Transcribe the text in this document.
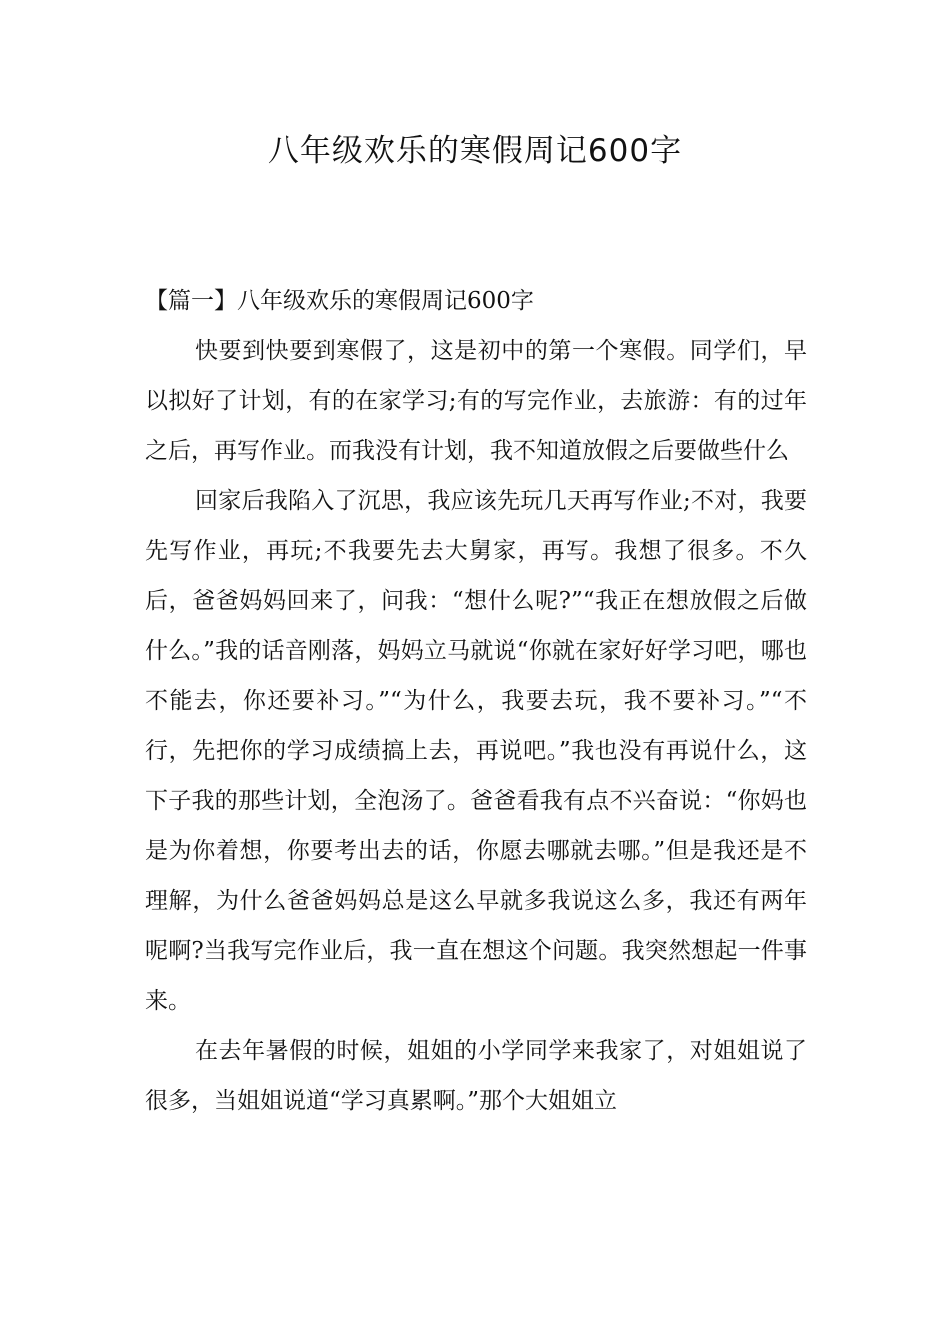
八年级欢乐的寒假周记600字

【篇一】八年级欢乐的寒假周记600字

快要到快要到寒假了，这是初中的第一个寒假。同学们，早以拟好了计划，有的在家学习;有的写完作业，去旅游：有的过年之后，再写作业。而我没有计划，我不知道放假之后要做些什么

回家后我陷入了沉思，我应该先玩几天再写作业;不对，我要先写作业，再玩;不我要先去大舅家，再写。我想了很多。不久后，爸爸妈妈回来了，问我：“想什么呢?”“我正在想放假之后做什么。”我的话音刚落，妈妈立马就说“你就在家好好学习吧，哪也不能去，你还要补习。”“为什么，我要去玩，我不要补习。”“不行，先把你的学习成绩搞上去，再说吧。”我也没有再说什么，这下子我的那些计划，全泡汤了。爸爸看我有点不兴奋说：“你妈也是为你着想，你要考出去的话，你愿去哪就去哪。”但是我还是不理解，为什么爸爸妈妈总是这么早就多我说这么多，我还有两年呢啊?当我写完作业后，我一直在想这个问题。我突然想起一件事来。

在去年暑假的时候，姐姐的小学同学来我家了，对姐姐说了很多，当姐姐说道“学习真累啊。”那个大姐姐立
